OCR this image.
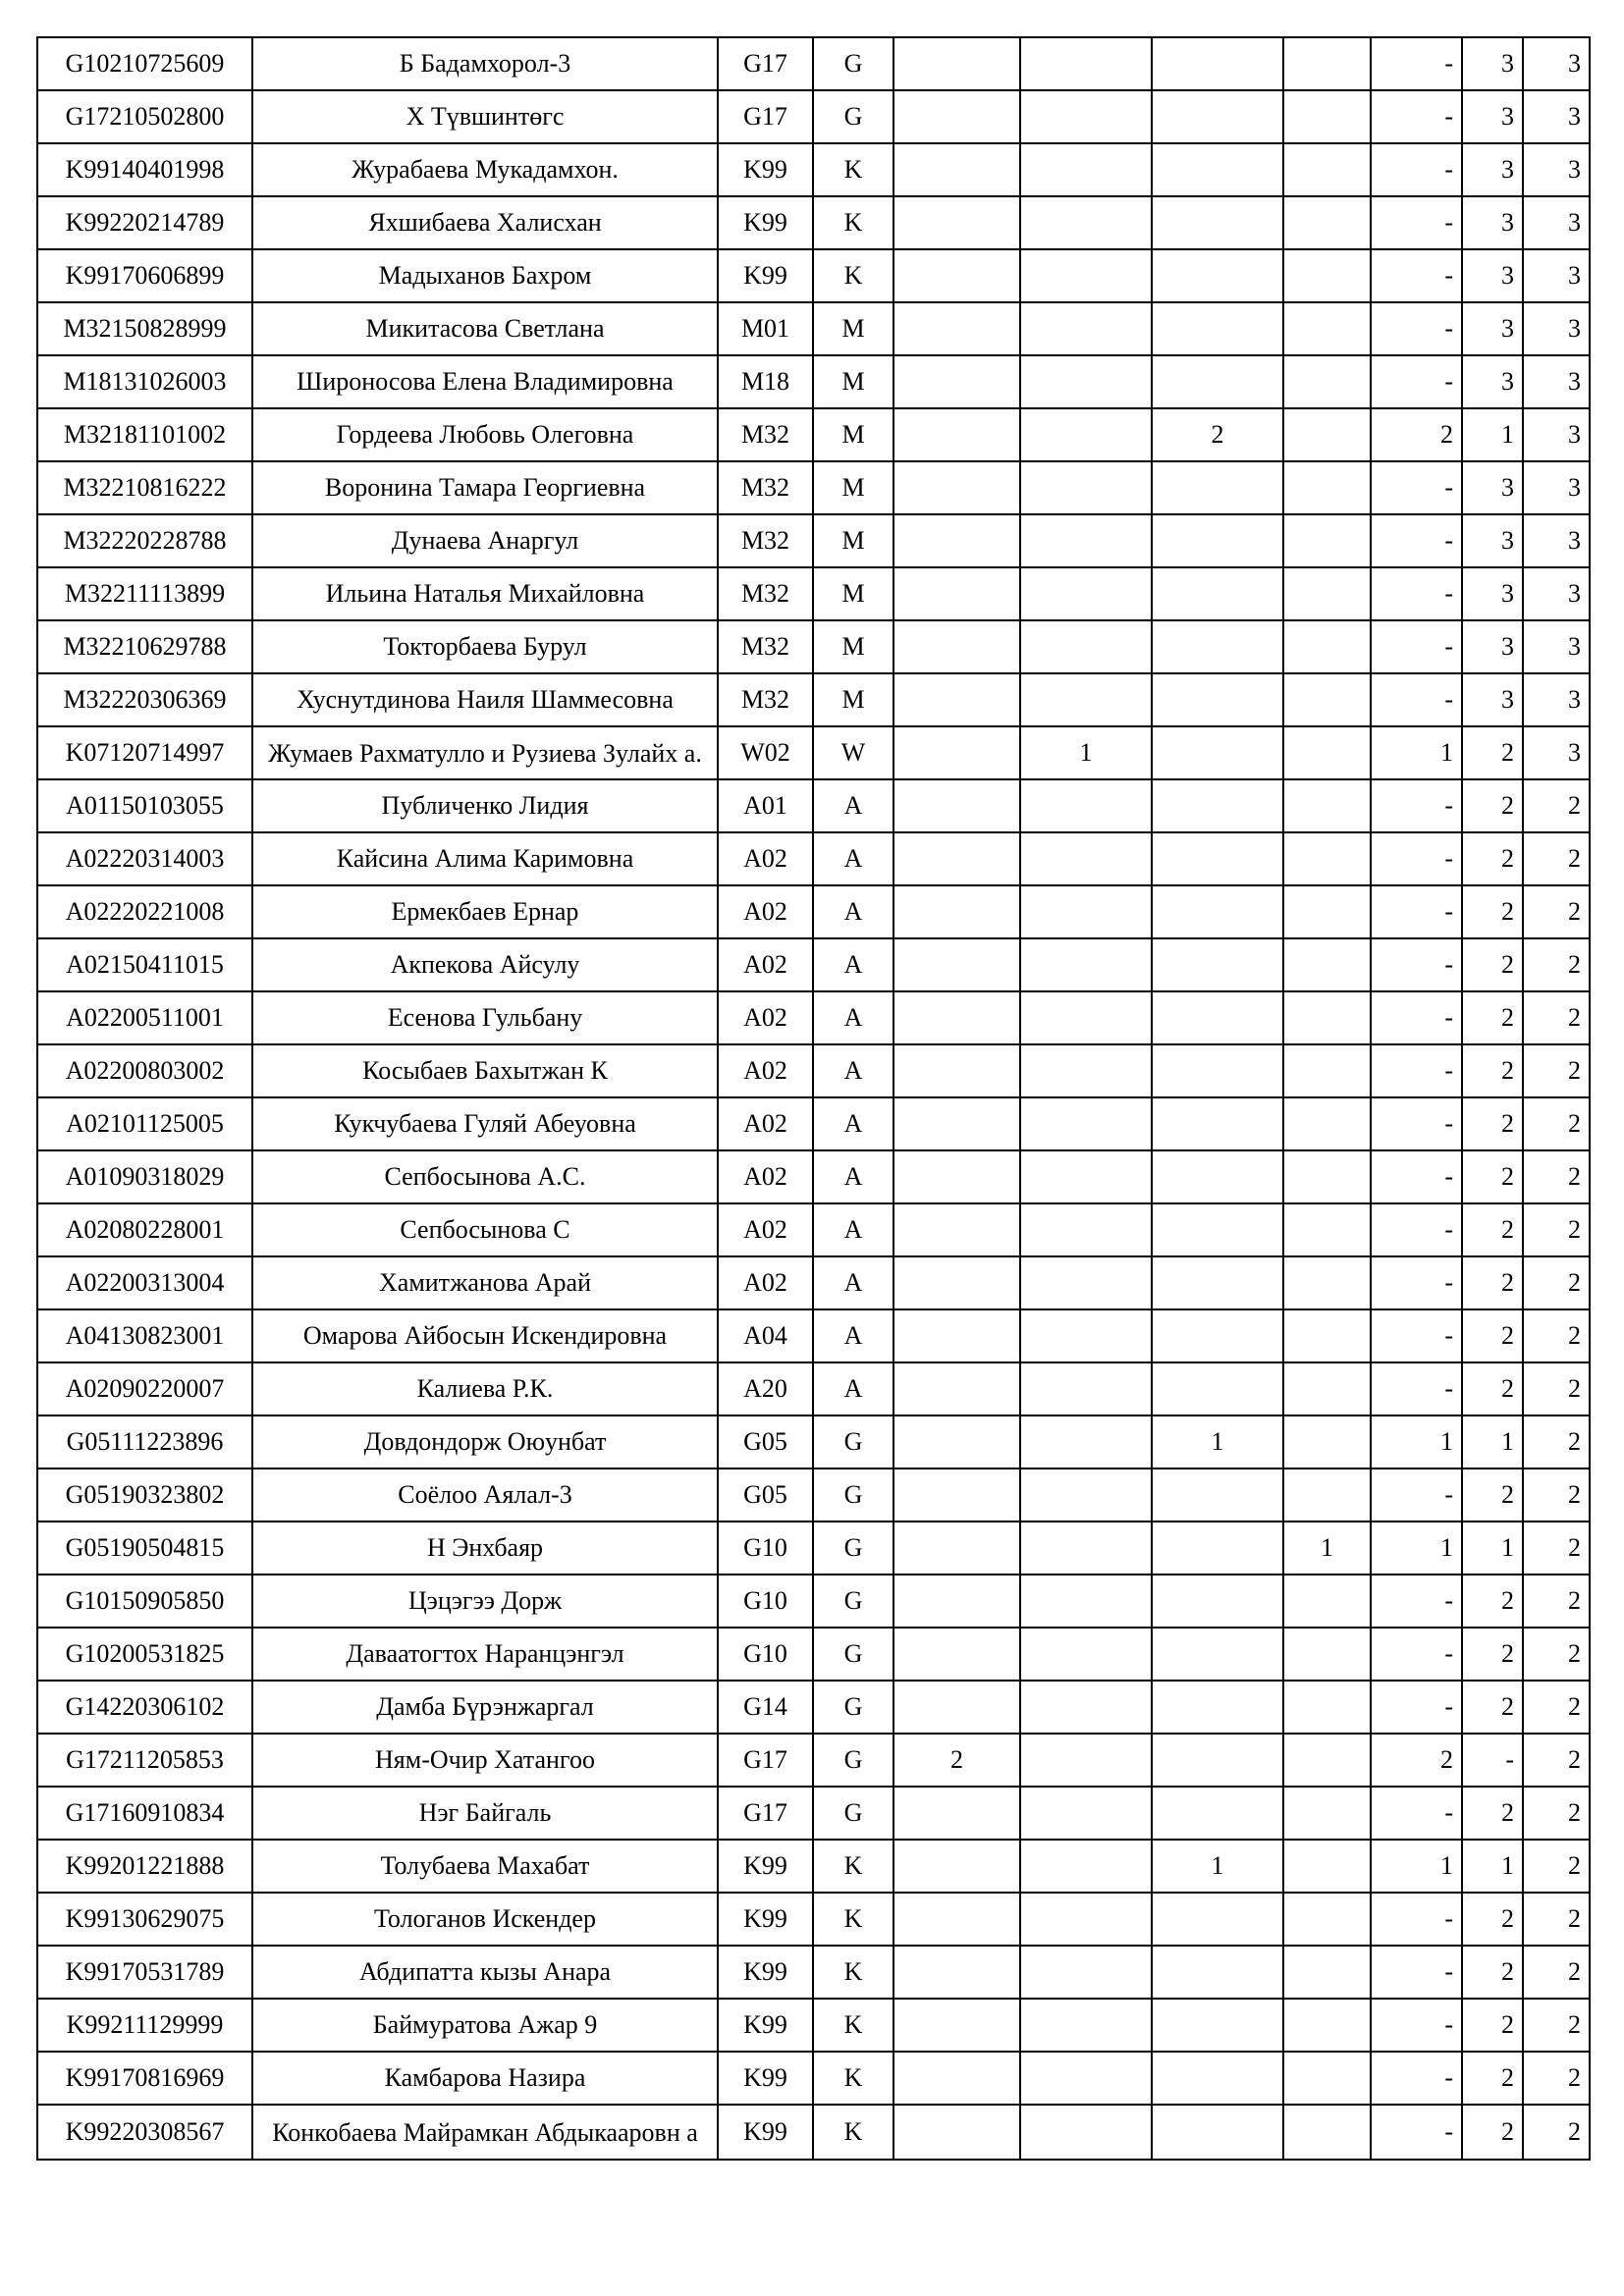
G10210725609	Б Бадамхорол-3	G17	G					-	3	3
G17210502800	Х Түвшинтөгс	G17	G					-	3	3
K99140401998	Журабаева Мукадамхон.	K99	K					-	3	3
K99220214789	Яхшибаева Халисхан	K99	K					-	3	3
K99170606899	Мадыханов Бахром	K99	K					-	3	3
M32150828999	Микитасова Светлана	M01	M					-	3	3
M18131026003	Широносова Елена Владимировна	M18	M					-	3	3
M32181101002	Гордеева Любовь Олеговна	M32	M			2		2	1	3
M32210816222	Воронина Тамара Георгиевна	M32	M					-	3	3
M32220228788	Дунаева Анаргул	M32	M					-	3	3
M32211113899	Ильина Наталья Михайловна	M32	M					-	3	3
M32210629788	Токторбаева Бурул	M32	M					-	3	3
M32220306369	Хуснутдинова Наиля Шаммесовна	M32	M					-	3	3
K07120714997	Жумаев Рахматулло и Рузиева Зулайх а.	W02	W		1			1	2	3
A01150103055	Публиченко Лидия	A01	A					-	2	2
A02220314003	Кайсина Алима Каримовна	A02	A					-	2	2
A02220221008	Ермекбаев Ернар	A02	A					-	2	2
A02150411015	Акпекова Айсулу	A02	A					-	2	2
A02200511001	Есенова Гульбану	A02	A					-	2	2
A02200803002	Косыбаев Бахытжан К	A02	A					-	2	2
A02101125005	Кукчубаева Гуляй Абеуовна	A02	A					-	2	2
A01090318029	Сепбосынова А.С.	A02	A					-	2	2
A02080228001	Сепбосынова С	A02	A					-	2	2
A02200313004	Хамитжанова Арай	A02	A					-	2	2
A04130823001	Омарова Айбосын Искендировна	A04	A					-	2	2
A02090220007	Калиева Р.К.	A20	A					-	2	2
G05111223896	Довдондорж Оюунбат	G05	G			1		1	1	2
G05190323802	Соёлоо Аялал-3	G05	G					-	2	2
G05190504815	Н Энхбаяр	G10	G				1	1	1	2
G10150905850	Цэцэгээ Дорж	G10	G					-	2	2
G10200531825	Даваатогтох Наранцэнгэл	G10	G					-	2	2
G14220306102	Дамба Бүрэнжаргал	G14	G					-	2	2
G17211205853	Ням-Очир Хатангоо	G17	G	2				2	-	2
G17160910834	Нэг Байгаль	G17	G					-	2	2
K99201221888	Толубаева Махабат	K99	K			1		1	1	2
K99130629075	Тологанов Искендер	K99	K					-	2	2
K99170531789	Абдипатта кызы Анара	K99	K					-	2	2
K99211129999	Баймуратова Ажар 9	K99	K					-	2	2
K99170816969	Камбарова Назира	K99	K					-	2	2
K99220308567	Конкобаева Майрамкан Абдыкааровн а	K99	K					-	2	2
